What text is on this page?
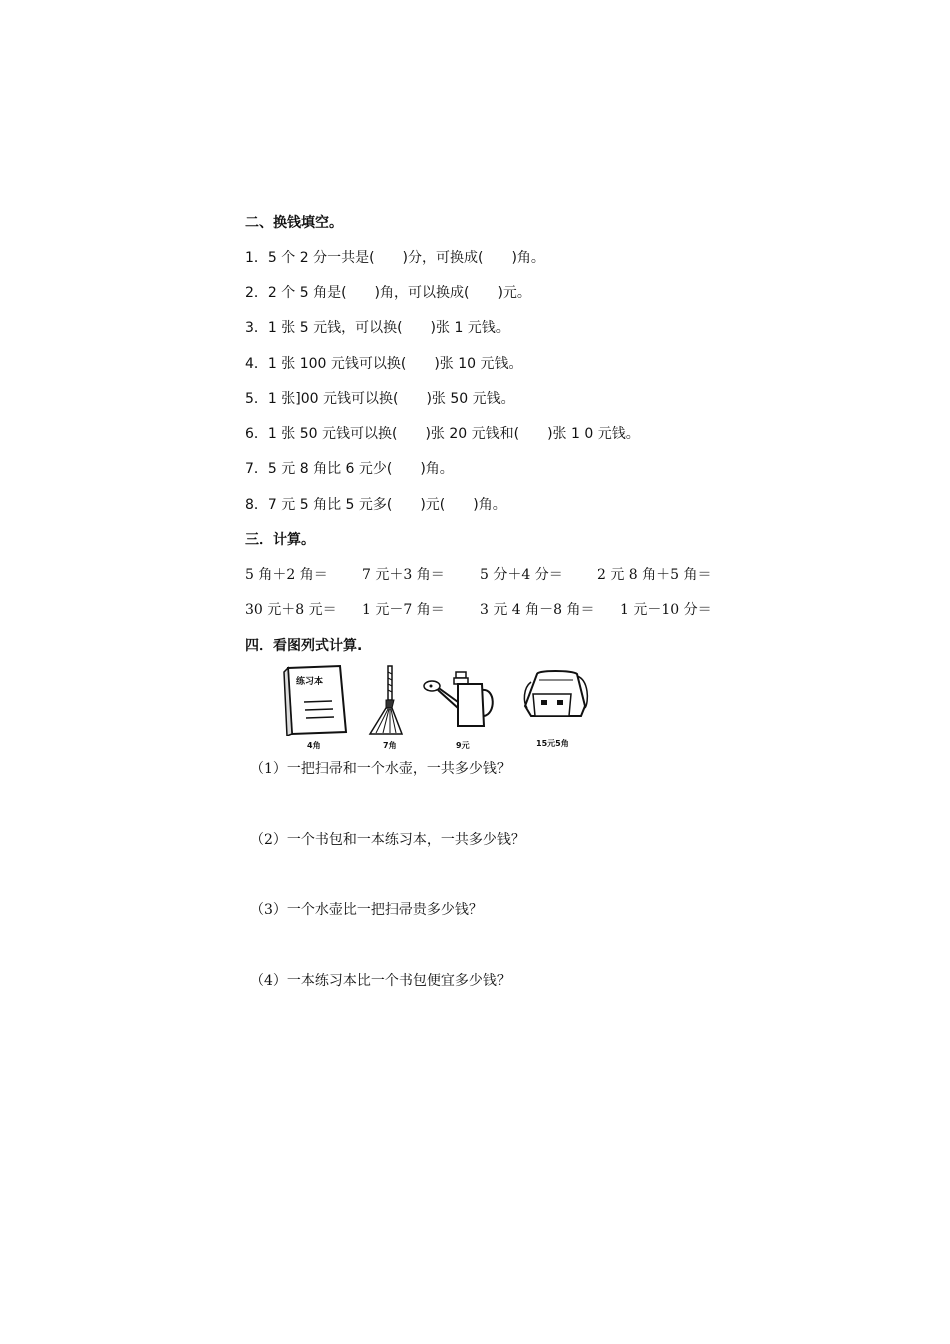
二、换钱填空。
1．5 个 2 分一共是(　　)分，可换成(　　)角。
2．2 个 5 角是(　　)角，可以换成(　　)元。
3．1 张 5 元钱，可以换(　　)张 1 元钱。
4．1 张 100 元钱可以换(　　)张 10 元钱。
5．1 张]00 元钱可以换(　　)张 50 元钱。
6．1 张 50 元钱可以换(　　)张 20 元钱和(　　)张 1 0 元钱。
7．5 元 8 角比 6 元少(　　)角。
8．7 元 5 角比 5 元多(　　)元(　　)角。
三．计算。
5 角＋2 角＝ 7 元＋3 角＝	5 分＋4 分＝ 2 元 8 角＋5 角＝
30 元＋8 元＝ 1 元－7 角＝	3 元 4 角－8 角＝ 1 元－10 分＝
四．看图列式计算.
练习本
4角	7角	9元	15元5角
（1）一把扫帚和一个水壶，一共多少钱？
（2）一个书包和一本练习本，一共多少钱？
（3）一个水壶比一把扫帚贵多少钱？
（4）一本练习本比一个书包便宜多少钱？
